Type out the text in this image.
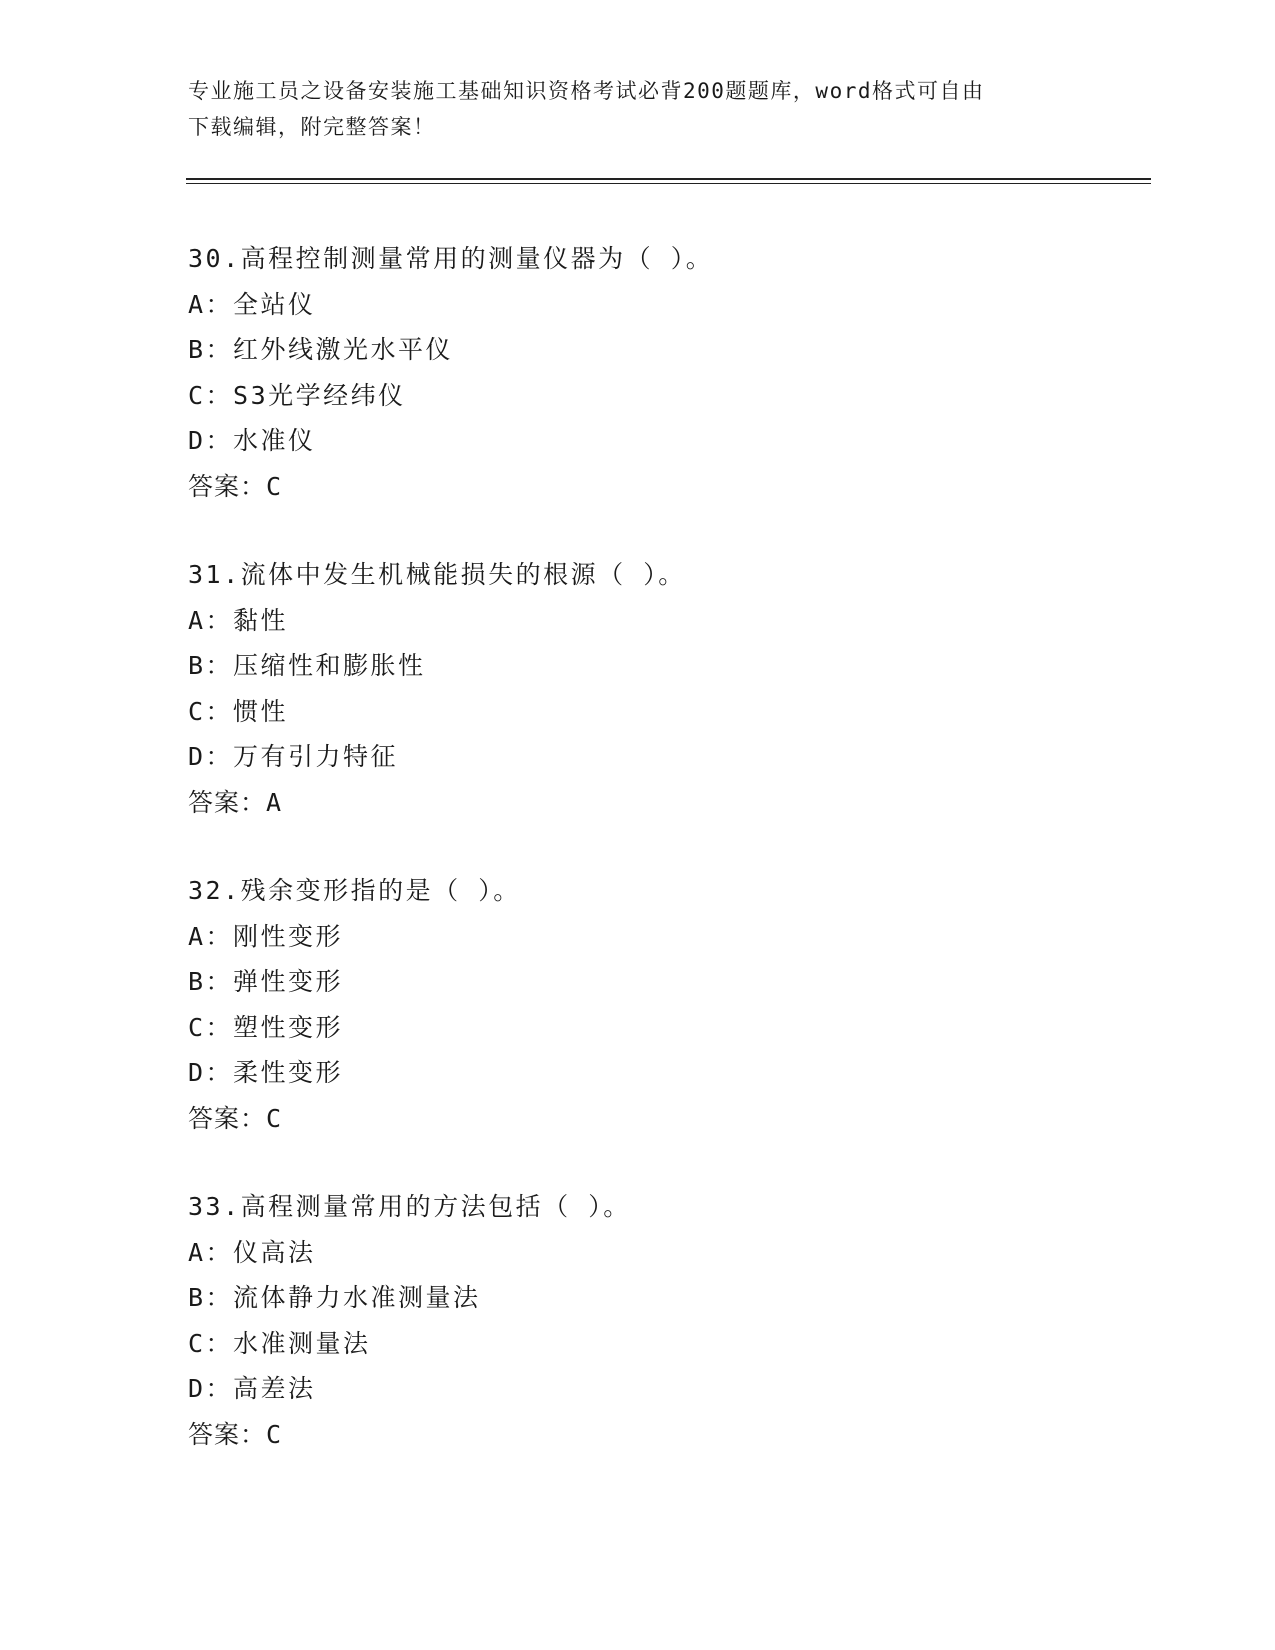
专业施工员之设备安装施工基础知识资格考试必背200题题库，word格式可自由
下载编辑，附完整答案！
30.高程控制测量常用的测量仪器为（ ）。
A：全站仪
B：红外线激光水平仪
C：S3光学经纬仪
D：水准仪
答案：C
31.流体中发生机械能损失的根源（ ）。
A：黏性
B：压缩性和膨胀性
C：惯性
D：万有引力特征
答案：A
32.残余变形指的是（ ）。
A：刚性变形
B：弹性变形
C：塑性变形
D：柔性变形
答案：C
33.高程测量常用的方法包括（ ）。
A：仪高法
B：流体静力水准测量法
C：水准测量法
D：高差法
答案：C
